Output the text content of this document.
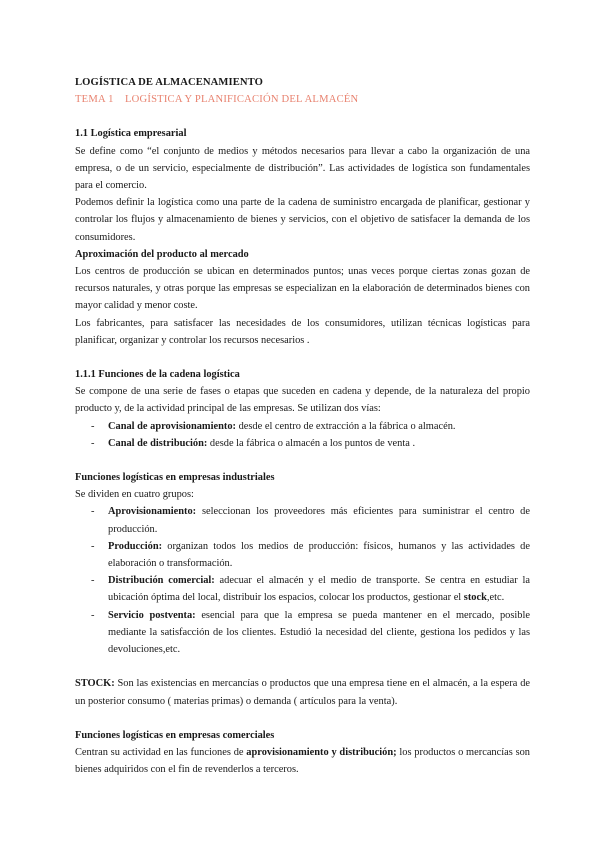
LOGÍSTICA DE ALMACENAMIENTO
TEMA 1    LOGÍSTICA Y PLANIFICACIÓN DEL ALMACÉN
1.1 Logística empresarial

Se define como “el conjunto de medios y métodos necesarios para llevar a cabo la organización de una empresa, o de un servicio, especialmente de distribución”. Las actividades de logística son fundamentales para el comercio.

Podemos definir la logística como una parte de la cadena de suministro encargada de planificar, gestionar y controlar los flujos y almacenamiento de bienes y servicios, con el objetivo de satisfacer la demanda de los consumidores.

Aproximación del producto al mercado

Los centros de producción se ubican en determinados puntos; unas veces porque ciertas zonas gozan de recursos naturales, y otras porque las empresas se especializan en la elaboración de determinados bienes con mayor calidad y menor coste.

Los fabricantes, para satisfacer las necesidades de los consumidores, utilizan técnicas logísticas para planificar, organizar y controlar los recursos necesarios .

1.1.1 Funciones de la cadena logística

Se compone de una serie de fases o etapas que suceden en cadena y depende, de la naturaleza del propio producto y, de la actividad principal de las empresas. Se utilizan dos vías:

- Canal de aprovisionamiento: desde el centro de extracción a la fábrica o almacén.
- Canal de distribución: desde la fábrica o almacén a los puntos de venta .
Funciones logísticas en empresas industriales

Se dividen en cuatro grupos:

- Aprovisionamiento: seleccionan los proveedores más eficientes para suministrar el centro de producción.
- Producción: organizan todos los medios de producción: físicos, humanos y las actividades de elaboración o transformación.
- Distribución comercial: adecuar el almacén y el medio de transporte. Se centra en estudiar la ubicación óptima del local, distribuir los espacios, colocar los productos, gestionar el stock,etc.
- Servicio postventa: esencial para que la empresa se pueda mantener en el mercado, posible mediante la satisfacción de los clientes. Estudió la necesidad del cliente, gestiona los pedidos y las devoluciones,etc.

STOCK: Son las existencias en mercancías o productos que una empresa tiene en el almacén, a la espera de un posterior consumo ( materias primas) o demanda ( artículos para la venta).

Funciones logísticas en empresas comerciales

Centran su actividad en las funciones de aprovisionamiento y distribución; los productos o mercancías son bienes adquiridos con el fin de revenderlos a terceros.
